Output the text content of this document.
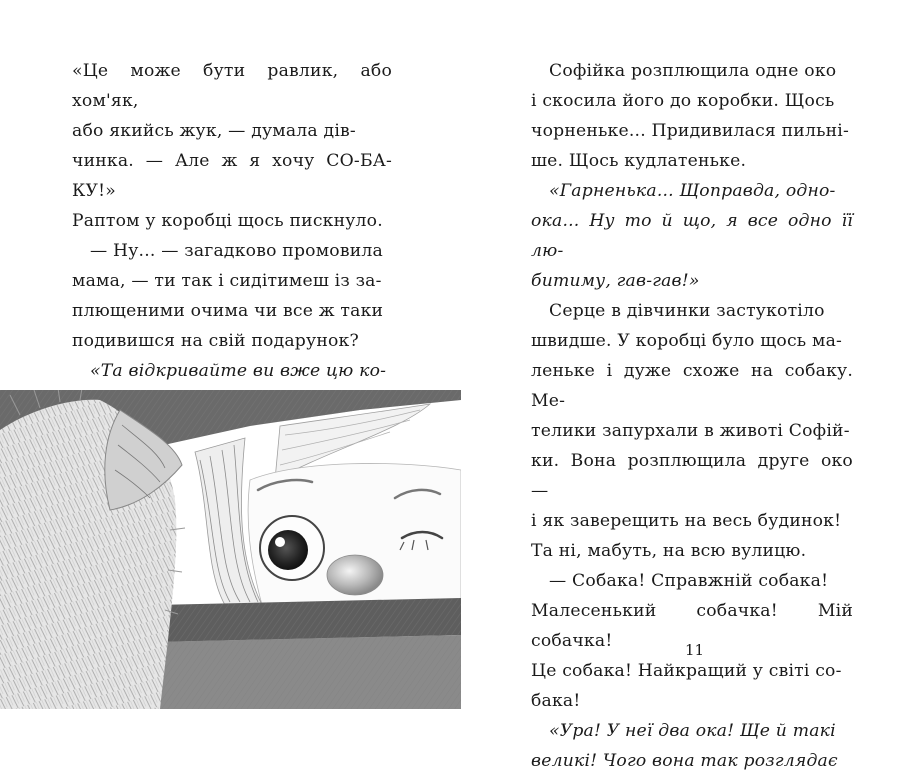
«Це може бути равлик, або хом'як,
або якийсь жук, — думала дів-
чинка. — Але ж я хочу СО-БА-КУ!»
Раптом у коробці щось пискнуло.
— Ну... — загадково промовила
мама, — ти так і сидітимеш із за-
плющеними очима чи все ж таки
подивишся на свій подарунок?
«Та відкривайте ви вже цю ко-

Софійка розплющила одне око
і скосила його до коробки. Щось
чорненьке... Придивилася пильні-
ше. Щось кудлатеньке.
«Гарненька... Щоправда, одно-
ока... Ну то й що, я все одно її лю-
битиму, гав-гав!»
Серце в дівчинки застукотіло
швидше. У коробці було щось ма-
леньке і дуже схоже на собаку. Ме-
телики запурхали в животі Софій-
ки. Вона розплющила друге око —
і як заверещить на весь будинок!
Та ні, мабуть, на всю вулицю.
— Собака! Справжній собака!
Малесенький собачка! Мій собачка!
Це собака! Найкращий у світі со-
бака!
«Ура! У неї два ока! Ще й такі
великі! Чого вона так розглядає
11
